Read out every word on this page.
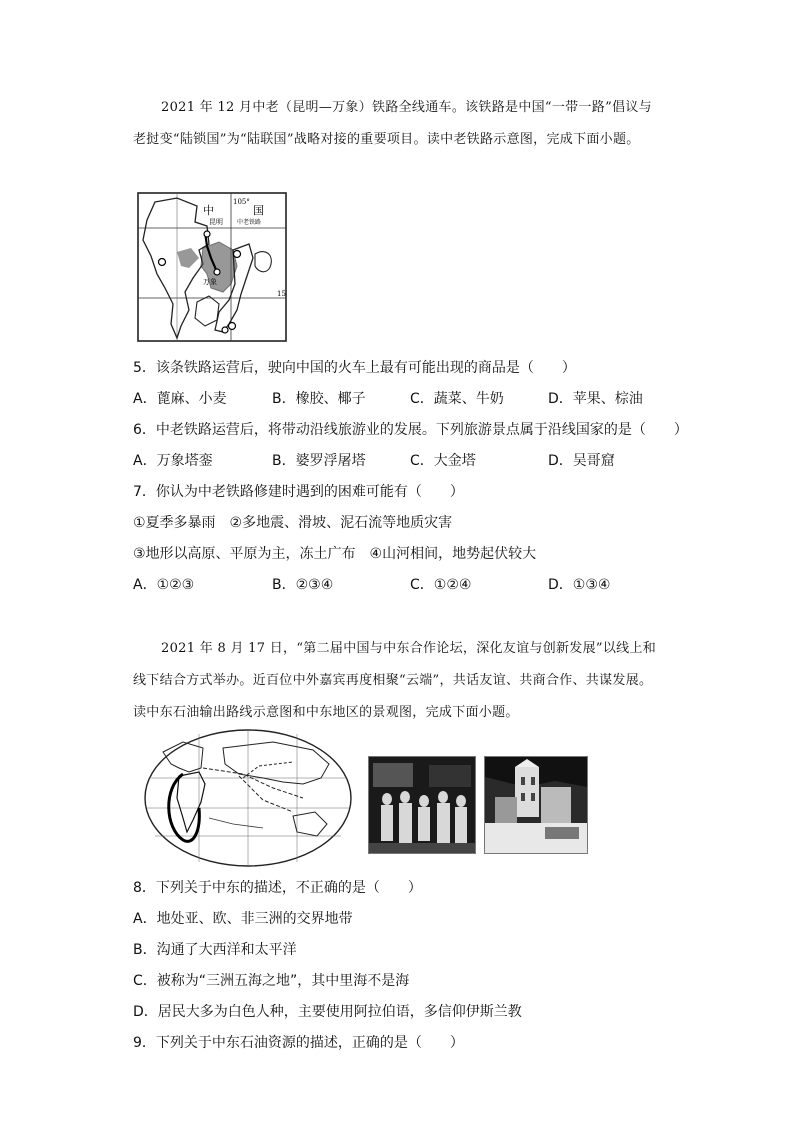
2021 年 12 月中老（昆明—万象）铁路全线通车。该铁路是中国“一带一路”倡议与老挝变“陆锁国”为“陆联国”战略对接的重要项目。读中老铁路示意图，完成下面小题。
中	国
105°
昆明 中老铁路
万象
15
5．该条铁路运营后，驶向中国的火车上最有可能出现的商品是（　　）
A．蓖麻、小麦	B．橡胶、椰子	C．蔬菜、牛奶	D．苹果、棕油
6．中老铁路运营后，将带动沿线旅游业的发展。下列旅游景点属于沿线国家的是（　　）
A．万象塔銮	B．婆罗浮屠塔	C．大金塔	D．吴哥窟
7．你认为中老铁路修建时遇到的困难可能有（　　）
①夏季多暴雨　②多地震、滑坡、泥石流等地质灾害
③地形以高原、平原为主，冻土广布　④山河相间，地势起伏较大
A．①②③	B．②③④	C．①②④	D．①③④
2021 年 8 月 17 日，“第二届中国与中东合作论坛，深化友谊与创新发展”以线上和线下结合方式举办。近百位中外嘉宾再度相聚“云端”，共话友谊、共商合作、共谋发展。读中东石油输出路线示意图和中东地区的景观图，完成下面小题。
8．下列关于中东的描述，不正确的是（　　）
A．地处亚、欧、非三洲的交界地带
B．沟通了大西洋和太平洋
C．被称为“三洲五海之地”，其中里海不是海
D．居民大多为白色人种，主要使用阿拉伯语，多信仰伊斯兰教
9．下列关于中东石油资源的描述，正确的是（　　）
